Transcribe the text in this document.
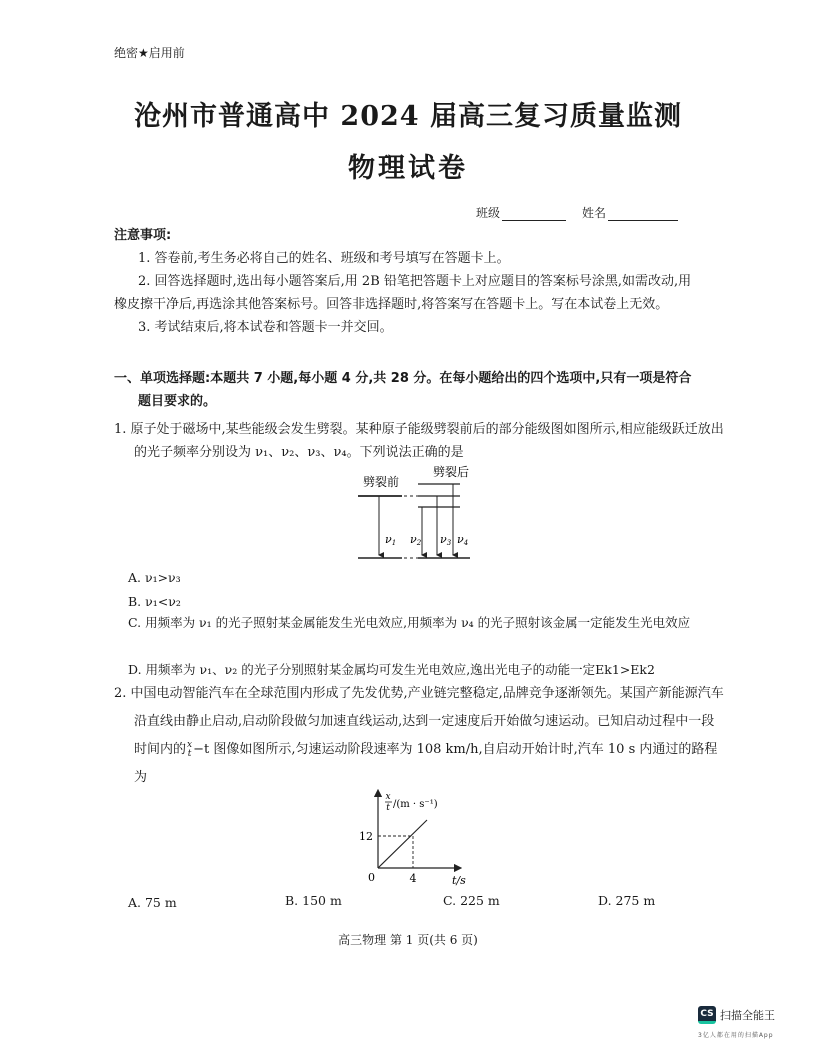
绝密★启用前
沧州市普通高中 2024 届高三复习质量监测
物理试卷
班级	姓名
注意事项:
1. 答卷前,考生务必将自己的姓名、班级和考号填写在答题卡上。
2. 回答选择题时,选出每小题答案后,用 2B 铅笔把答题卡上对应题目的答案标号涂黑,如需改动,用橡皮擦干净后,再选涂其他答案标号。回答非选择题时,将答案写在答题卡上。写在本试卷上无效。
3. 考试结束后,将本试卷和答题卡一并交回。
一、单项选择题:本题共 7 小题,每小题 4 分,共 28 分。在每小题给出的四个选项中,只有一项是符合题目要求的。
1. 原子处于磁场中,某些能级会发生劈裂。某种原子能级劈裂前后的部分能级图如图所示,相应能级跃迁放出的光子频率分别设为 ν₁、ν₂、ν₃、ν₄。下列说法正确的是
劈裂前
劈裂后
ν1 ν2 ν3 ν4
A. ν₁>ν₃
B. ν₁<ν₂
C. 用频率为 ν₁ 的光子照射某金属能发生光电效应,用频率为 ν₄ 的光子照射该金属一定能发生光电效应
D. 用频率为 ν₁、ν₂ 的光子分别照射某金属均可发生光电效应,逸出光电子的动能一定Ek1>Ek2
2. 中国电动智能汽车在全球范围内形成了先发优势,产业链完整稳定,品牌竞争逐渐领先。某国产新能源汽车沿直线由静止启动,启动阶段做匀加速直线运动,达到一定速度后开始做匀速运动。已知启动过程中一段时间内的 x
t −t 图像如图所示,匀速运动阶段速率为 108 km/h,自启动开始计时,汽车 10 s 内通过的路程为
x
t /(m · s⁻¹)
12
4
0	t/s
A. 75 m	B. 150 m	C. 225 m	D. 275 m
高三物理 第 1 页(共 6 页)
CS 扫描全能王
3亿人都在用的扫描App
